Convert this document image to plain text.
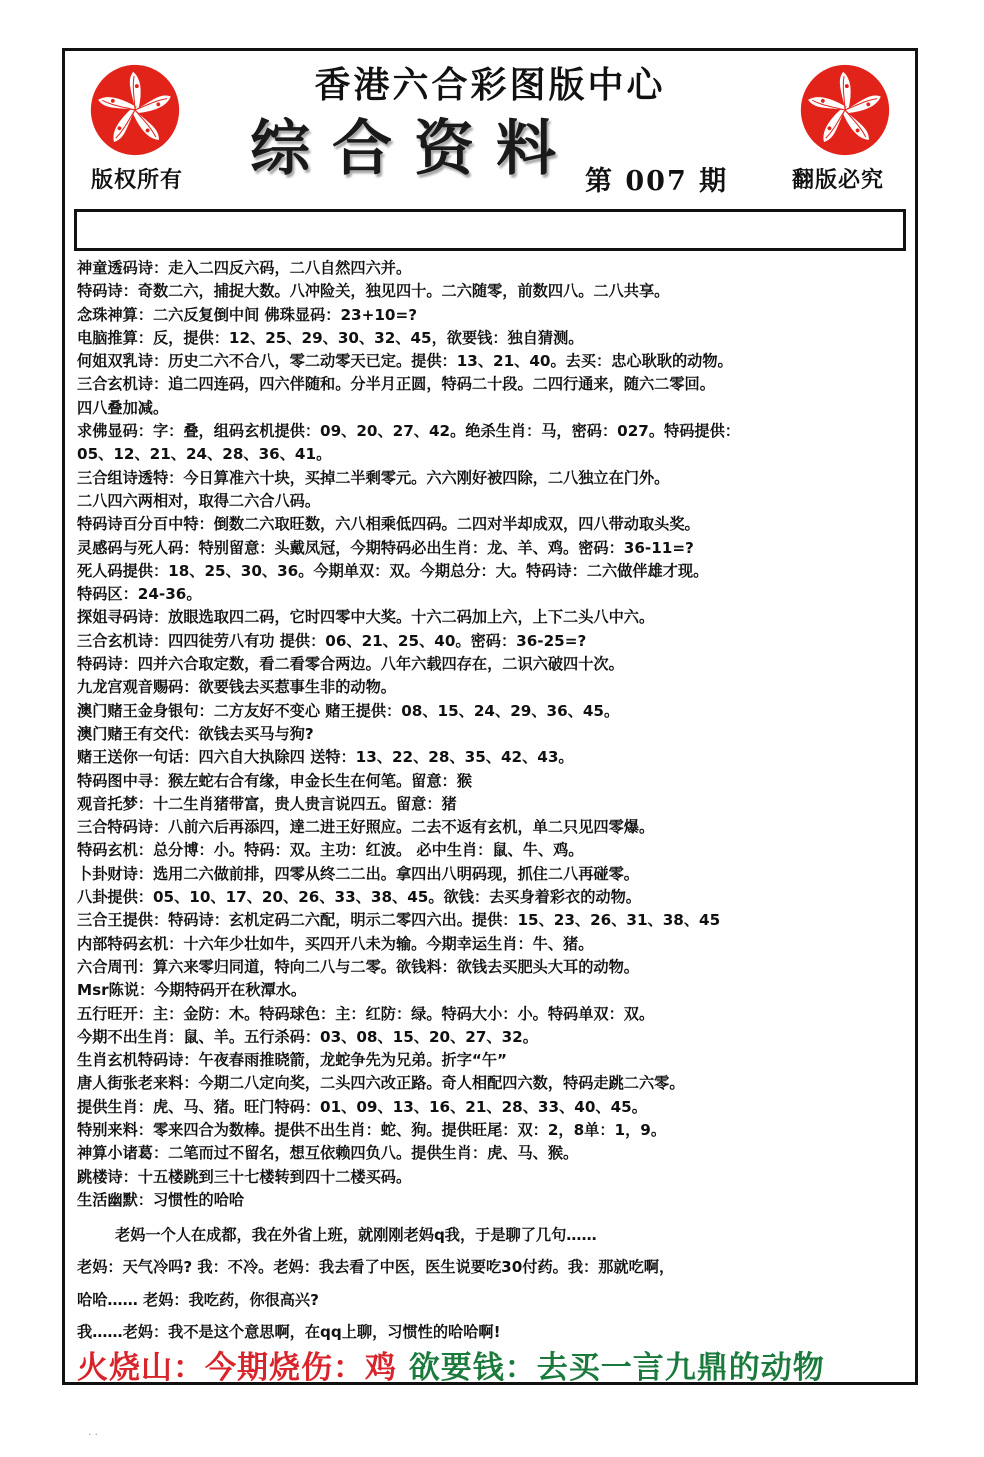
香港六合彩图版中心
综合资料 第 007 期
版权所有	翻版必究
神童透码诗：走入二四反六码，二八自然四六并。
特码诗：奇数二六，捕捉大数。八冲险关，独见四十。二六随零，前数四八。二八共享。
念珠神算：二六反复倒中间 佛珠显码：23+10=?
电脑推算：反，提供：12、25、29、30、32、45，欲要钱：独自猜测。
何姐双乳诗：历史二六不合八，零二动零天已定。提供：13、21、40。去买：忠心耿耿的动物。
三合玄机诗：追二四连码，四六伴随和。分半月正圆，特码二十段。二四行通来，随六二零回。
四八叠加减。
求佛显码：字：叠，组码玄机提供：09、20、27、42。绝杀生肖：马，密码：027。特码提供：
05、12、21、24、28、36、41。
三合组诗透特：今日算准六十块，买掉二半剩零元。六六刚好被四除，二八独立在门外。
二八四六两相对，取得二六合八码。
特码诗百分百中特：倒数二六取旺数，六八相乘低四码。二四对半却成双，四八带动取头奖。
灵感码与死人码：特别留意：头戴凤冠，今期特码必出生肖：龙、羊、鸡。密码：36-11=?
死人码提供：18、25、30、36。今期单双：双。今期总分：大。特码诗：二六做伴雄才现。
特码区：24-36。
探姐寻码诗：放眼选取四二码，它时四零中大奖。十六二码加上六，上下二头八中六。
三合玄机诗：四四徒劳八有功 提供：06、21、25、40。密码：36-25=?
特码诗：四并六合取定数，看二看零合两边。八年六载四存在，二识六破四十次。
九龙宫观音赐码：欲要钱去买惹事生非的动物。
澳门赌王金身银句：二方友好不变心 赌王提供：08、15、24、29、36、45。
澳门赌王有交代：欲钱去买马与狗?
赌王送你一句话：四六自大执除四 送特：13、22、28、35、42、43。
特码图中寻：猴左蛇右合有缘，申金长生在何笔。留意：猴
观音托梦：十二生肖猪带富，贵人贵言说四五。留意：猪
三合特码诗：八前六后再添四，達二进王好照应。二去不返有玄机，单二只见四零爆。
特码玄机：总分博：小。特码：双。主功：红波。 必中生肖：鼠、牛、鸡。
卜卦财诗：选用二六做前排，四零从终二二出。拿四出八明码现，抓住二八再碰零。
八卦提供：05、10、17、20、26、33、38、45。欲钱：去买身着彩衣的动物。
三合王提供：特码诗：玄机定码二六配，明示二零四六出。提供：15、23、26、31、38、45
内部特码玄机：十六年少壮如牛，买四开八未为输。今期幸运生肖：牛、猪。
六合周刊：算六来零归同道，特向二八与二零。欲钱料：欲钱去买肥头大耳的动物。
Msr陈说：今期特码开在秋潭水。
五行旺开：主：金防：木。特码球色：主：红防：绿。特码大小：小。特码单双：双。
今期不出生肖：鼠、羊。五行杀码：03、08、15、20、27、32。
生肖玄机特码诗：午夜春雨推晓箭，龙蛇争先为兄弟。折字“午”
唐人街张老来料：今期二八定向奖，二头四六改正路。奇人相配四六数，特码走跳二六零。
提供生肖：虎、马、猪。旺门特码：01、09、13、16、21、28、33、40、45。
特别来料：零来四合为数棒。提供不出生肖：蛇、狗。提供旺尾：双：2，8单：1，9。
神算小诸葛：二笔而过不留名，想互依赖四负八。提供生肖：虎、马、猴。
跳楼诗：十五楼跳到三十七楼转到四十二楼买码。
生活幽默：习惯性的哈哈
老妈一个人在成都，我在外省上班，就刚刚老妈q我，于是聊了几句……
老妈：天气冷吗? 我：不冷。老妈：我去看了中医，医生说要吃30付药。我：那就吃啊，
哈哈…… 老妈：我吃药，你很高兴?
我……老妈：我不是这个意思啊，在qq上聊，习惯性的哈哈啊!
火烧山：今期烧伤：鸡 欲要钱：去买一言九鼎的动物
··
